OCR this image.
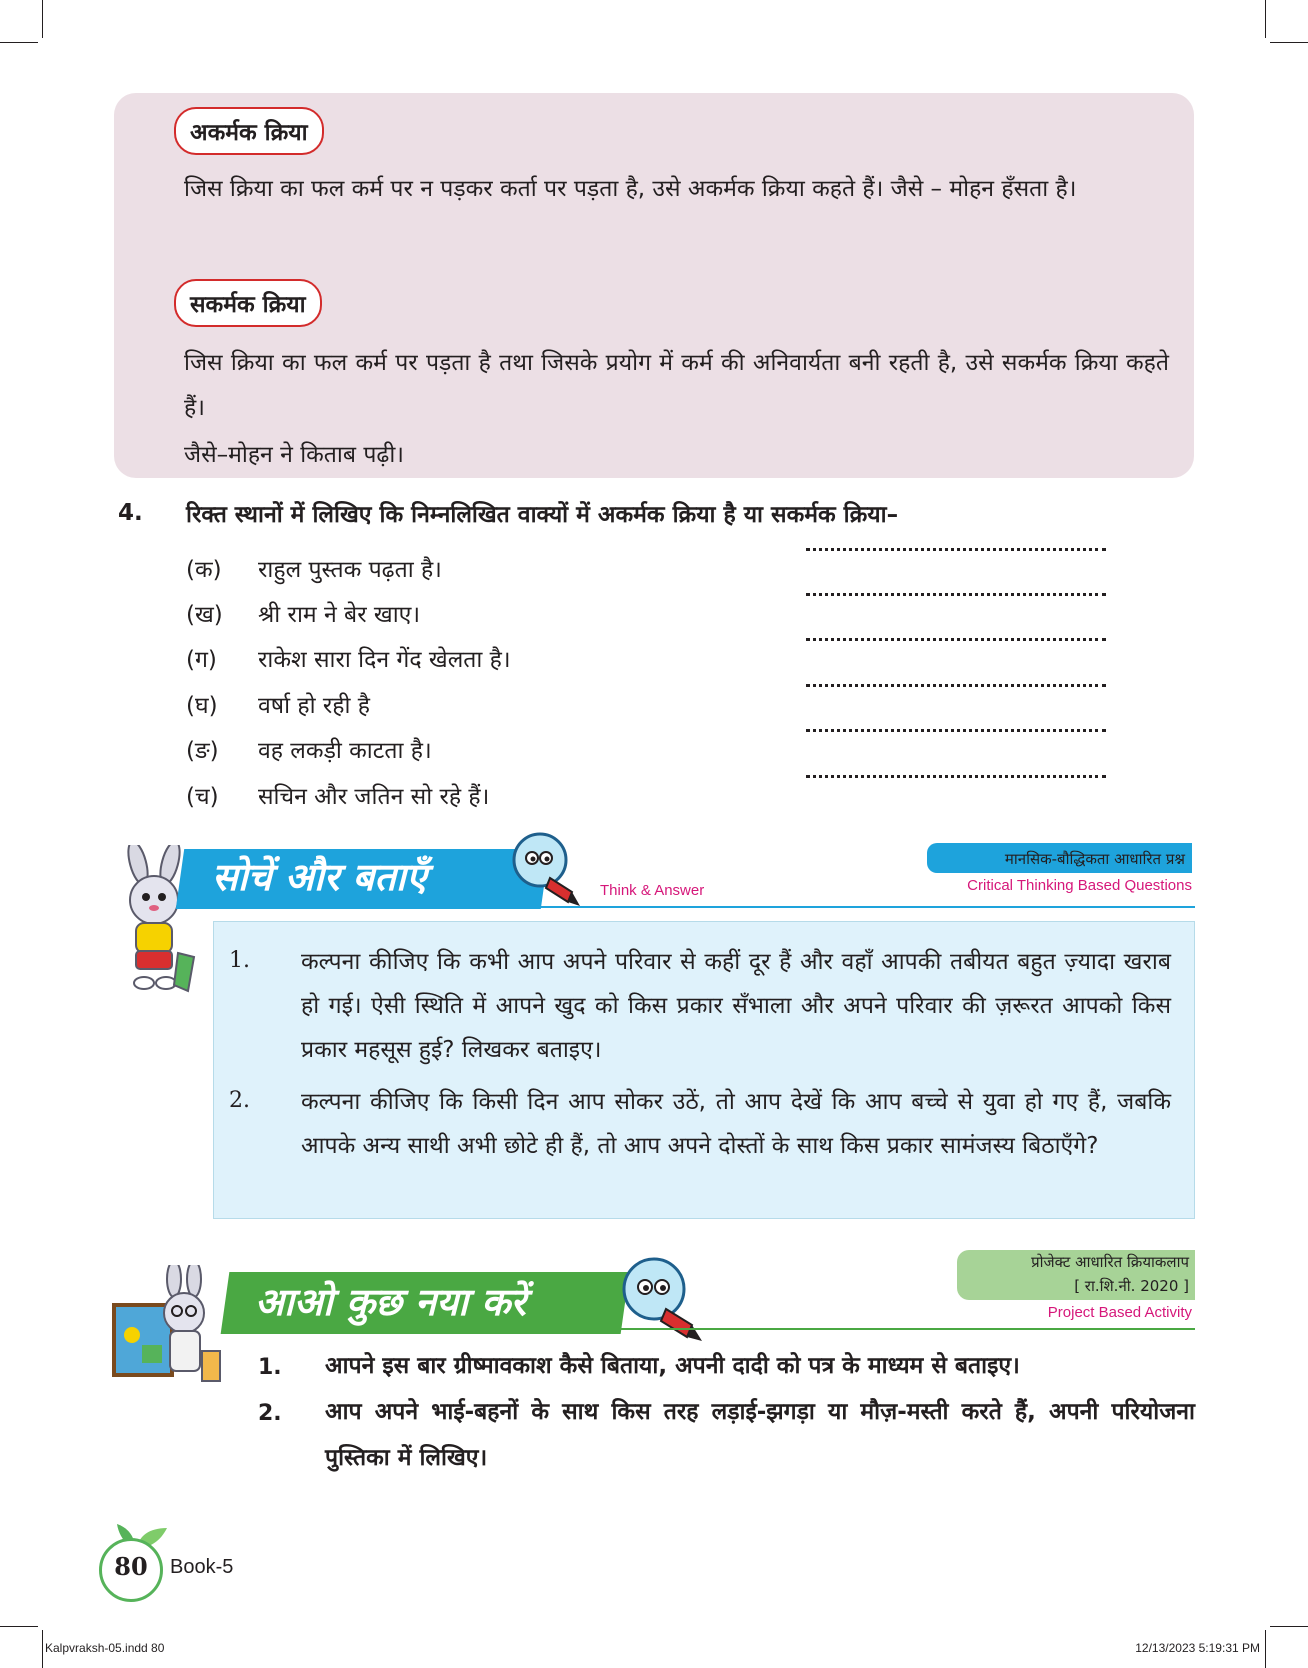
अकर्मक क्रिया
जिस क्रिया का फल कर्म पर न पड़कर कर्ता पर पड़ता है, उसे अकर्मक क्रिया कहते हैं। जैसे – मोहन हँसता है।
सकर्मक क्रिया
जिस क्रिया का फल कर्म पर पड़ता है तथा जिसके प्रयोग में कर्म की अनिवार्यता बनी रहती है, उसे सकर्मक क्रिया कहते हैं।
जैसे–मोहन ने किताब पढ़ी।
4. रिक्त स्थानों में लिखिए कि निम्नलिखित वाक्यों में अकर्मक क्रिया है या सकर्मक क्रिया–
(क)	राहुल पुस्तक पढ़ता है।
(ख)	श्री राम ने बेर खाए।
(ग)	राकेश सारा दिन गेंद खेलता है।
(घ)	वर्षा हो रही है
(ङ)	वह लकड़ी काटता है।
(च)	सचिन और जतिन सो रहे हैं।
सोचें और बताएँ	Think & Answer
मानसिक-बौद्धिकता आधारित प्रश्न
Critical Thinking Based Questions
1. कल्पना कीजिए कि कभी आप अपने परिवार से कहीं दूर हैं और वहाँ आपकी तबीयत बहुत ज़्यादा खराब हो गई। ऐसी स्थिति में आपने खुद को किस प्रकार सँभाला और अपने परिवार की ज़रूरत आपको किस प्रकार महसूस हुई? लिखकर बताइए।
2. कल्पना कीजिए कि किसी दिन आप सोकर उठें, तो आप देखें कि आप बच्चे से युवा हो गए हैं, जबकि आपके अन्य साथी अभी छोटे ही हैं, तो आप अपने दोस्तों के साथ किस प्रकार सामंजस्य बिठाएँगे?
आओ कुछ नया करें
प्रोजेक्ट आधारित क्रियाकलाप
[ रा.शि.नी. 2020 ]
Project Based Activity
1. आपने इस बार ग्रीष्मावकाश कैसे बिताया, अपनी दादी को पत्र के माध्यम से बताइए।
2. आप अपने भाई-बहनों के साथ किस तरह लड़ाई-झगड़ा या मौज़-मस्ती करते हैं, अपनी परियोजना पुस्तिका में लिखिए।
80	Book-5
Kalpvraksh-05.indd 80	12/13/2023 5:19:31 PM
